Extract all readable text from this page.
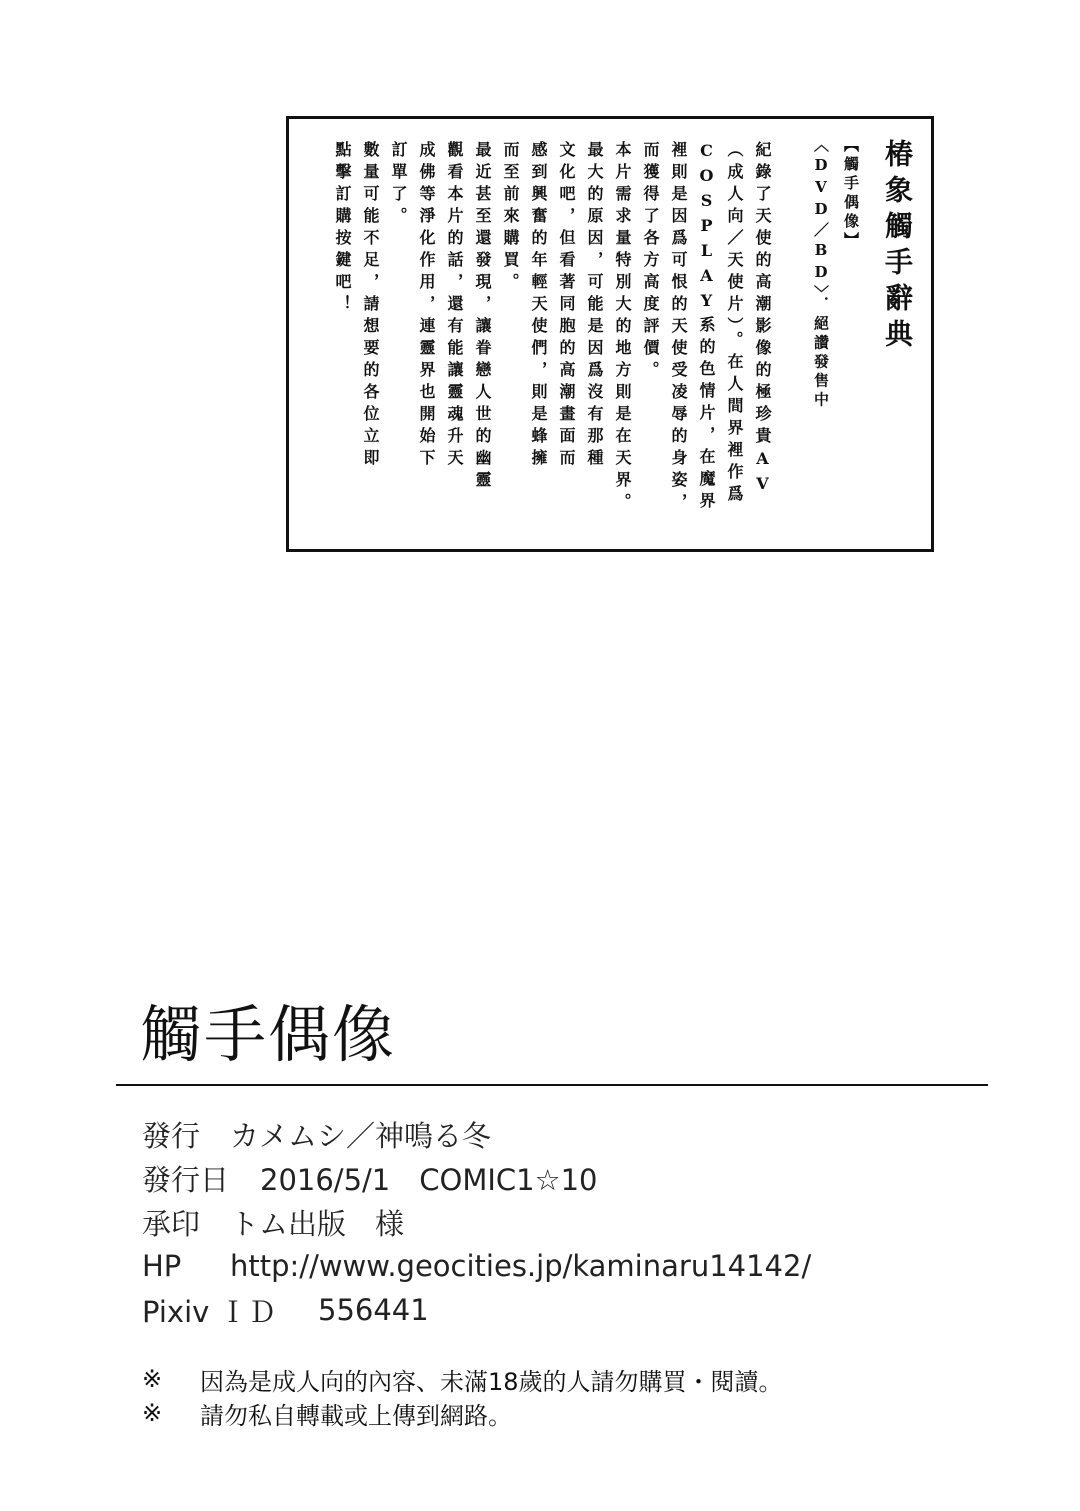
椿象觸手辭典
【觸手偶像】
〈DVD／BD〉．絕讚發售中
紀錄了天使的高潮影像的極珍貴AV
（成人向／天使片）。在人間界裡作爲
COSPLAY系的色情片，在魔界
裡則是因爲可恨的天使受凌辱的身姿，
而獲得了各方高度評價。
本片需求量特別大的地方則是在天界。
最大的原因，可能是因爲沒有那種
文化吧，但看著同胞的高潮畫面而
感到興奮的年輕天使們，則是蜂擁
而至前來購買。
最近甚至還發現，讓眷戀人世的幽靈
觀看本片的話，還有能讓靈魂升天
成佛等淨化作用，連靈界也開始下
訂單了。
數量可能不足，請想要的各位立即
點擊訂購按鍵吧！
觸手偶像
發行	カメムシ／神鳴る冬
發行日	2016/5/1　COMIC1☆10
承印	トム出版　様
HP	http://www.geocities.jp/kaminaru14142/
Pixiv ＩＤ	556441
※	因為是成人向的內容、未滿18歲的人請勿購買・閱讀。
※	請勿私自轉載或上傳到網路。
